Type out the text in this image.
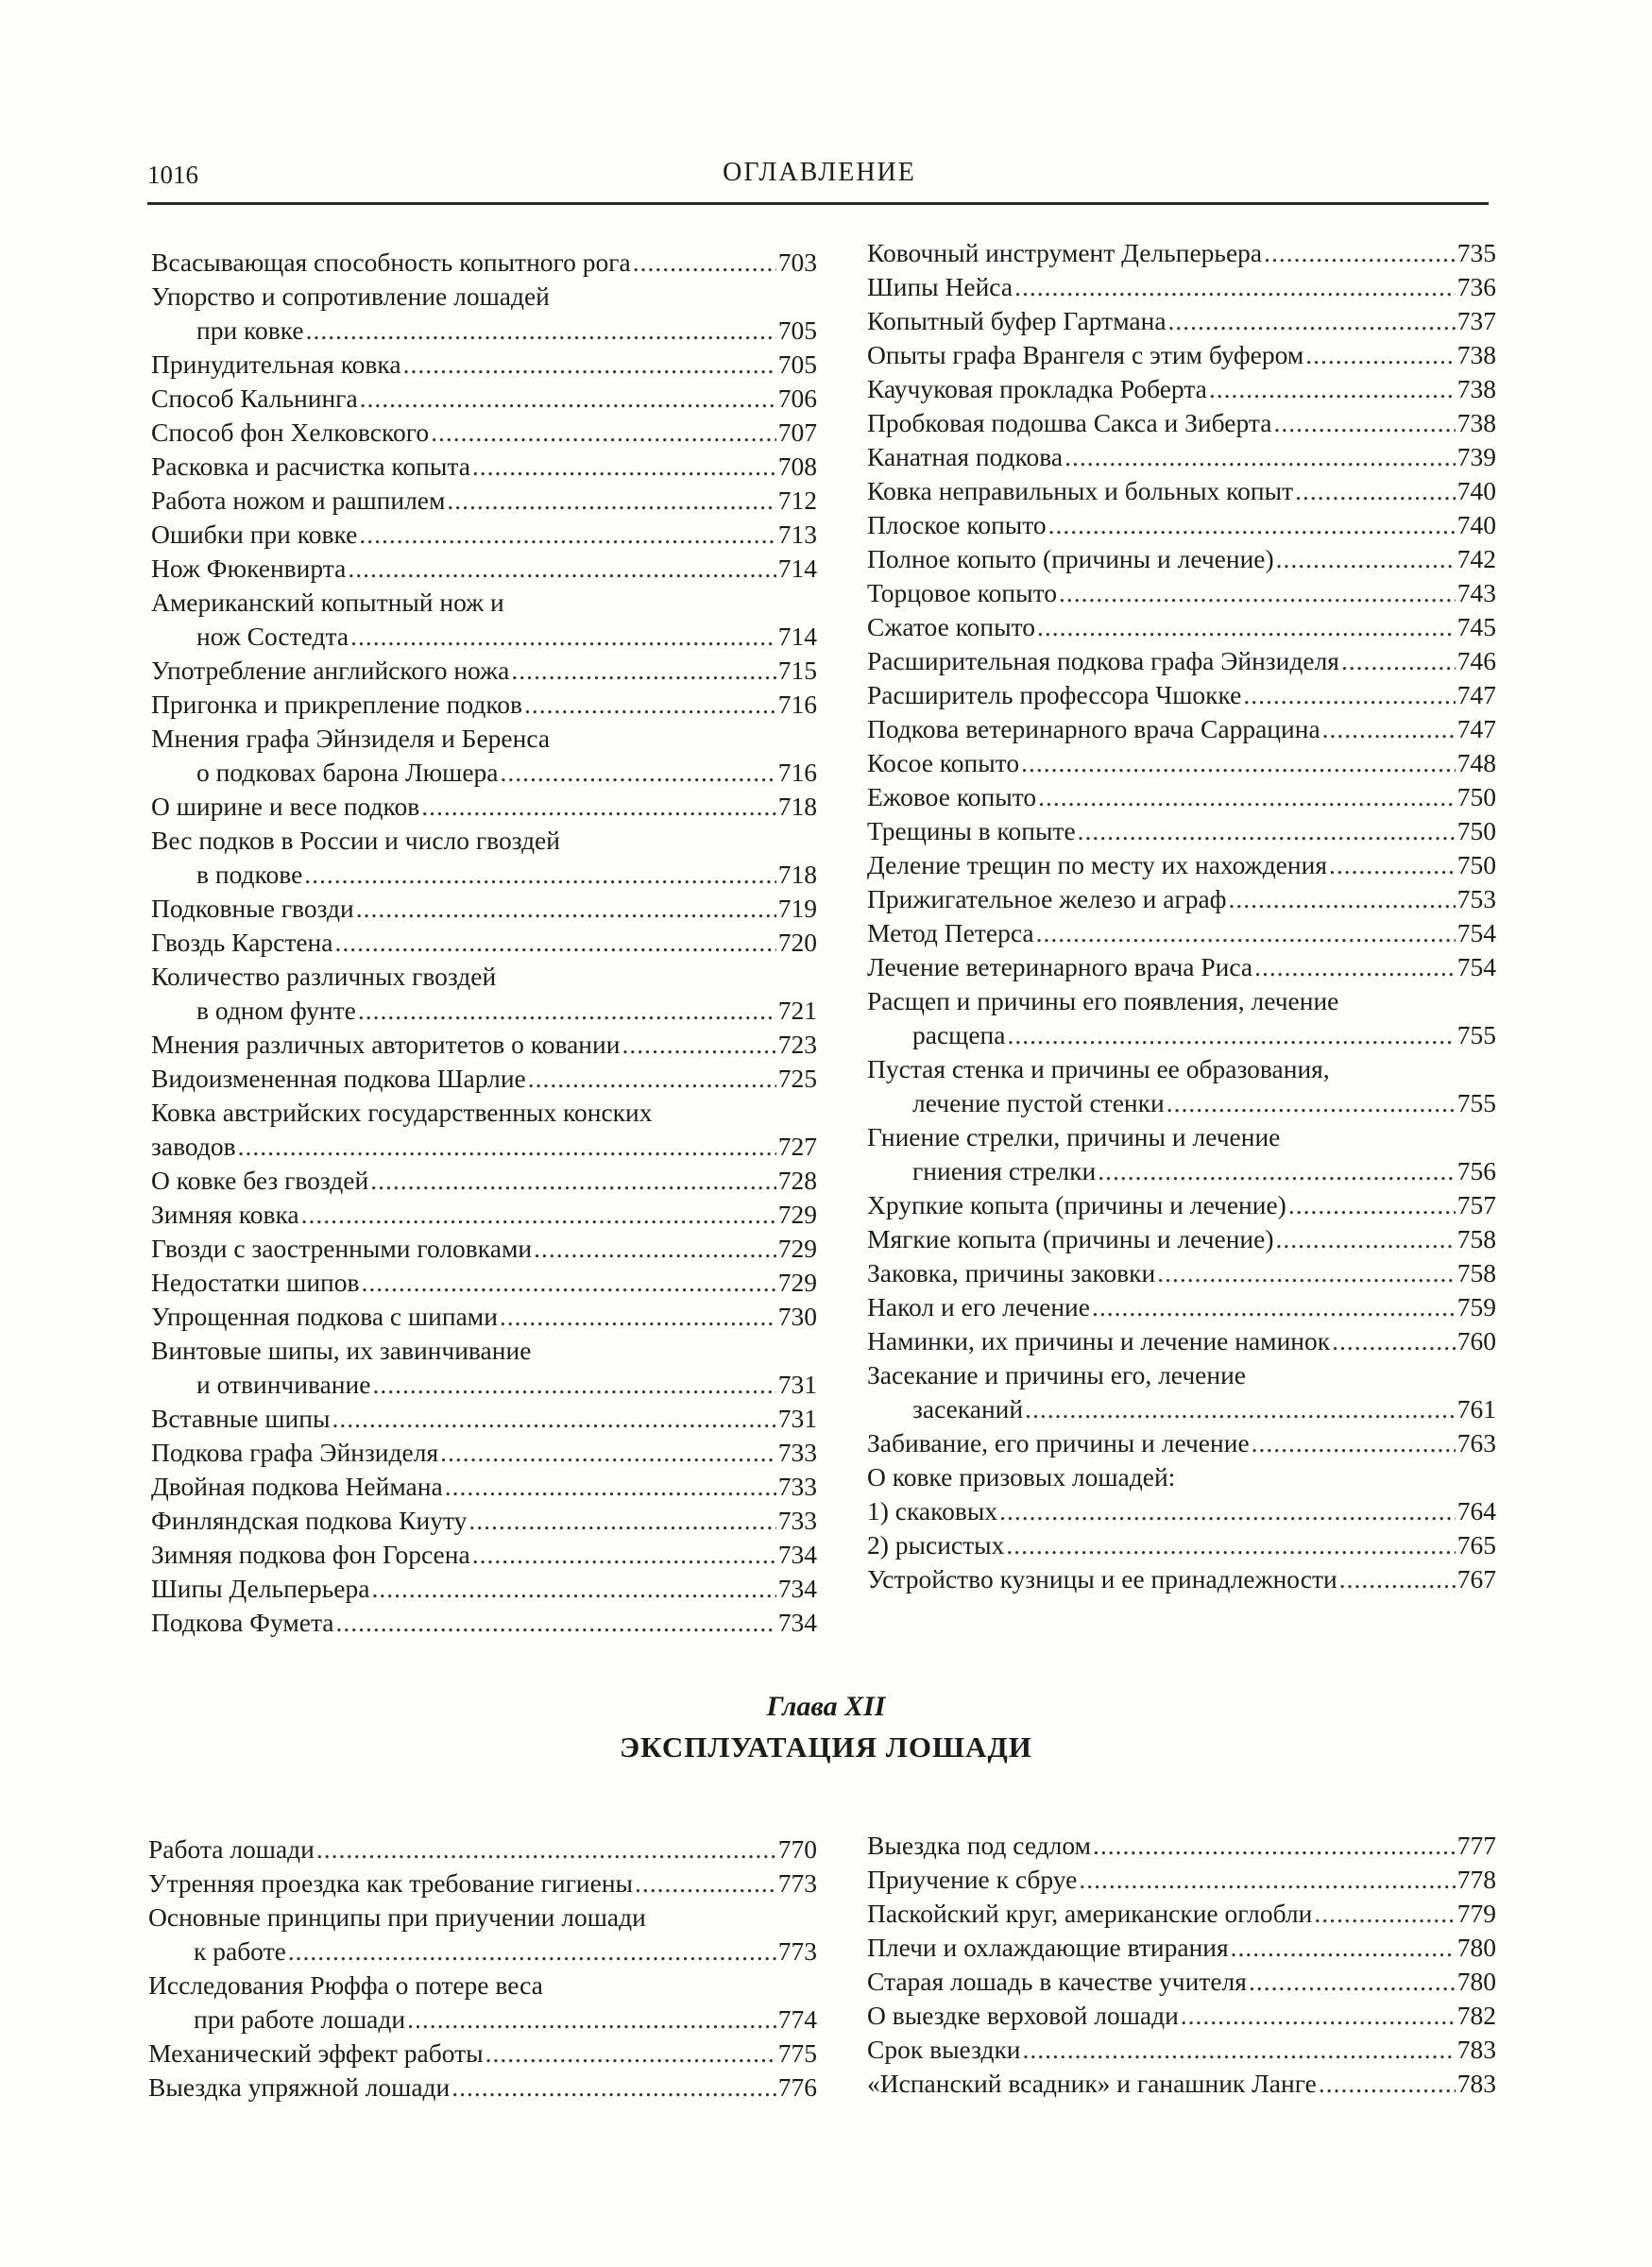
1016	ОГЛАВЛЕНИЕ
Всасывающая способность копытного рога .....	703
Упорство и сопротивление лошадей
при ковке .....	705
Принудительная ковка .....	705
Способ Кальнинга .....	706
Способ фон Хелковского .....	707
Расковка и расчистка копыта .....	708
Работа ножом и рашпилем .....	712
Ошибки при ковке .....	713
Нож Фюкенвирта .....	714
Американский копытный нож и
нож Состедта .....	714
Употребление английского ножа .....	715
Пригонка и прикрепление подков .....	716
Мнения графа Эйнзиделя и Беренса
о подковах барона Люшера .....	716
О ширине и весе подков .....	718
Вес подков в России и число гвоздей
в подкове .....	718
Подковные гвозди .....	719
Гвоздь Карстена .....	720
Количество различных гвоздей
в одном фунте .....	721
Мнения различных авторитетов о ковании .....	723
Видоизмененная подкова Шарлие .....	725
Ковка австрийских государственных конских
заводов .....	727
О ковке без гвоздей .....	728
Зимняя ковка .....	729
Гвозди с заостренными головками .....	729
Недостатки шипов .....	729
Упрощенная подкова с шипами .....	730
Винтовые шипы, их завинчивание
и отвинчивание .....	731
Вставные шипы .....	731
Подкова графа Эйнзиделя .....	733
Двойная подкова Неймана .....	733
Финляндская подкова Киуту .....	733
Зимняя подкова фон Горсена .....	734
Шипы Дельперьера .....	734
Подкова Фумета .....	734
Ковочный инструмент Дельперьера .....	735
Шипы Нейса .....	736
Копытный буфер Гартмана .....	737
Опыты графа Врангеля с этим буфером .....	738
Каучуковая прокладка Роберта .....	738
Пробковая подошва Сакса и Зиберта .....	738
Канатная подкова .....	739
Ковка неправильных и больных копыт .....	740
Плоское копыто .....	740
Полное копыто (причины и лечение) .....	742
Торцовое копыто .....	743
Сжатое копыто .....	745
Расширительная подкова графа Эйнзиделя .....	746
Расширитель профессора Чшокке .....	747
Подкова ветеринарного врача Саррацина .....	747
Косое копыто .....	748
Ежовое копыто .....	750
Трещины в копыте .....	750
Деление трещин по месту их нахождения .....	750
Прижигательное железо и аграф .....	753
Метод Петерса .....	754
Лечение ветеринарного врача Риса .....	754
Расщеп и причины его появления, лечение
расщепа .....	755
Пустая стенка и причины ее образования,
лечение пустой стенки .....	755
Гниение стрелки, причины и лечение
гниения стрелки .....	756
Хрупкие копыта (причины и лечение) .....	757
Мягкие копыта (причины и лечение) .....	758
Заковка, причины заковки .....	758
Накол и его лечение .....	759
Наминки, их причины и лечение наминок .....	760
Засекание и причины его, лечение
засеканий .....	761
Забивание, его причины и лечение .....	763
О ковке призовых лошадей:
1) скаковых .....	764
2) рысистых .....	765
Устройство кузницы и ее принадлежности .....	767
Глава XII
ЭКСПЛУАТАЦИЯ ЛОШАДИ
Работа лошади .....	770
Утренняя проездка как требование гигиены .....	773
Основные принципы при приучении лошади
к работе .....	773
Исследования Рюффа о потере веса
при работе лошади .....	774
Механический эффект работы .....	775
Выездка упряжной лошади .....	776
Выездка под седлом .....	777
Приучение к сбруе .....	778
Паскойский круг, американские оглобли .....	779
Плечи и охлаждающие втирания .....	780
Старая лошадь в качестве учителя .....	780
О выездке верховой лошади .....	782
Срок выездки .....	783
«Испанский всадник» и ганашник Ланге .....	783
